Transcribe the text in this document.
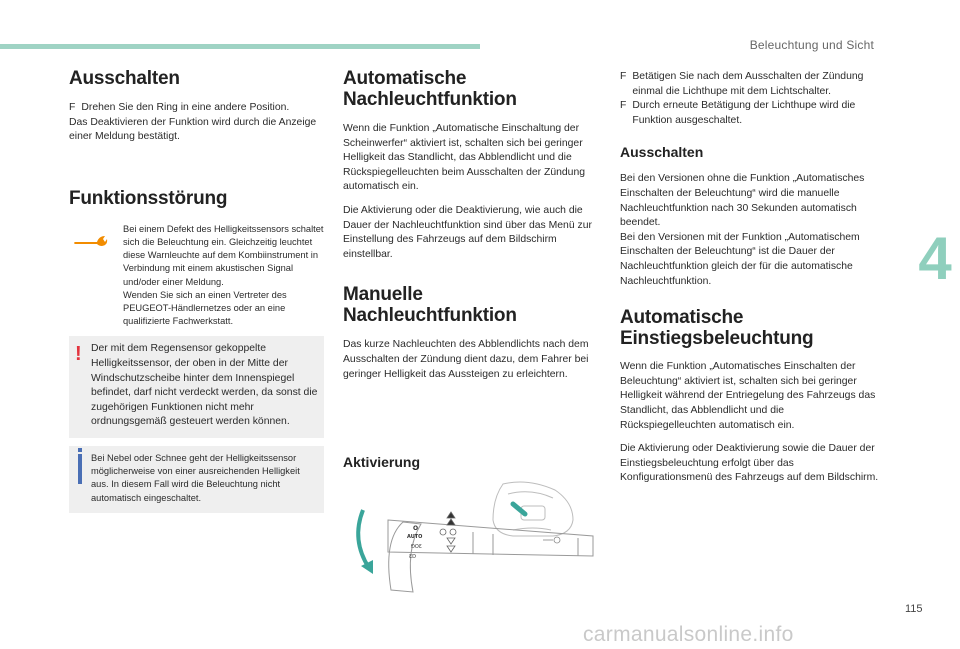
Beleuchtung und Sicht
4
Ausschalten

F Drehen Sie den Ring in eine andere Position.

Das Deaktivieren der Funktion wird durch die Anzeige einer Meldung bestätigt.

Funktionsstörung

Bei einem Defekt des Helligkeitssensors schaltet sich die Beleuchtung ein. Gleichzeitig leuchtet diese Warnleuchte auf dem Kombiinstrument in Verbindung mit einem akustischen Signal und/oder einer Meldung.

Wenden Sie sich an einen Vertreter des PEUGEOT-Händlernetzes oder an eine qualifizierte Fachwerkstatt.

! Der mit dem Regensensor gekoppelte Helligkeitssensor, der oben in der Mitte der Windschutzscheibe hinter dem Innenspiegel befindet, darf nicht verdeckt werden, da sonst die zugehörigen Funktionen nicht mehr ordnungsgemäß gesteuert werden können.

Bei Nebel oder Schnee geht der Helligkeitssensor möglicherweise von einer ausreichenden Helligkeit aus. In diesem Fall wird die Beleuchtung nicht automatisch eingeschaltet.

Automatische
Nachleuchtfunktion

Wenn die Funktion „Automatische Einschaltung der Scheinwerfer“ aktiviert ist, schalten sich bei geringer Helligkeit das Standlicht, das Abblendlicht und die Rückspiegelleuchten beim Ausschalten der Zündung automatisch ein.

Die Aktivierung oder die Deaktivierung, wie auch die Dauer der Nachleuchtfunktion sind über das Menü zur Einstellung des Fahrzeugs auf dem Bildschirm einstellbar.

Manuelle Nachleuchtfunktion

Das kurze Nachleuchten des Abblendlichts nach dem Ausschalten der Zündung dient dazu, dem Fahrer bei geringer Helligkeit das Aussteigen zu erleichtern.

Aktivierung
O
AUTO
ƉOƐ
ƐD

F Betätigen Sie nach dem Ausschalten der Zündung einmal die Lichthupe mit dem Lichtschalter.

F Durch erneute Betätigung der Lichthupe wird die Funktion ausgeschaltet.

Ausschalten

Bei den Versionen ohne die Funktion „Automatisches Einschalten der Beleuchtung“ wird die manuelle Nachleuchtfunktion nach 30 Sekunden automatisch beendet.

Bei den Versionen mit der Funktion „Automatischem Einschalten der Beleuchtung“ ist die Dauer der Nachleuchtfunktion gleich der für die automatische Nachleuchtfunktion.

Automatische
Einstiegsbeleuchtung

Wenn die Funktion „Automatisches Einschalten der Beleuchtung“ aktiviert ist, schalten sich bei geringer Helligkeit während der Entriegelung des Fahrzeugs das Standlicht, das Abblendlicht und die Rückspiegelleuchten automatisch ein.

Die Aktivierung oder Deaktivierung sowie die Dauer der Einstiegsbeleuchtung erfolgt über das Konfigurationsmenü des Fahrzeugs auf dem Bildschirm.

115
carmanualsonline.info
